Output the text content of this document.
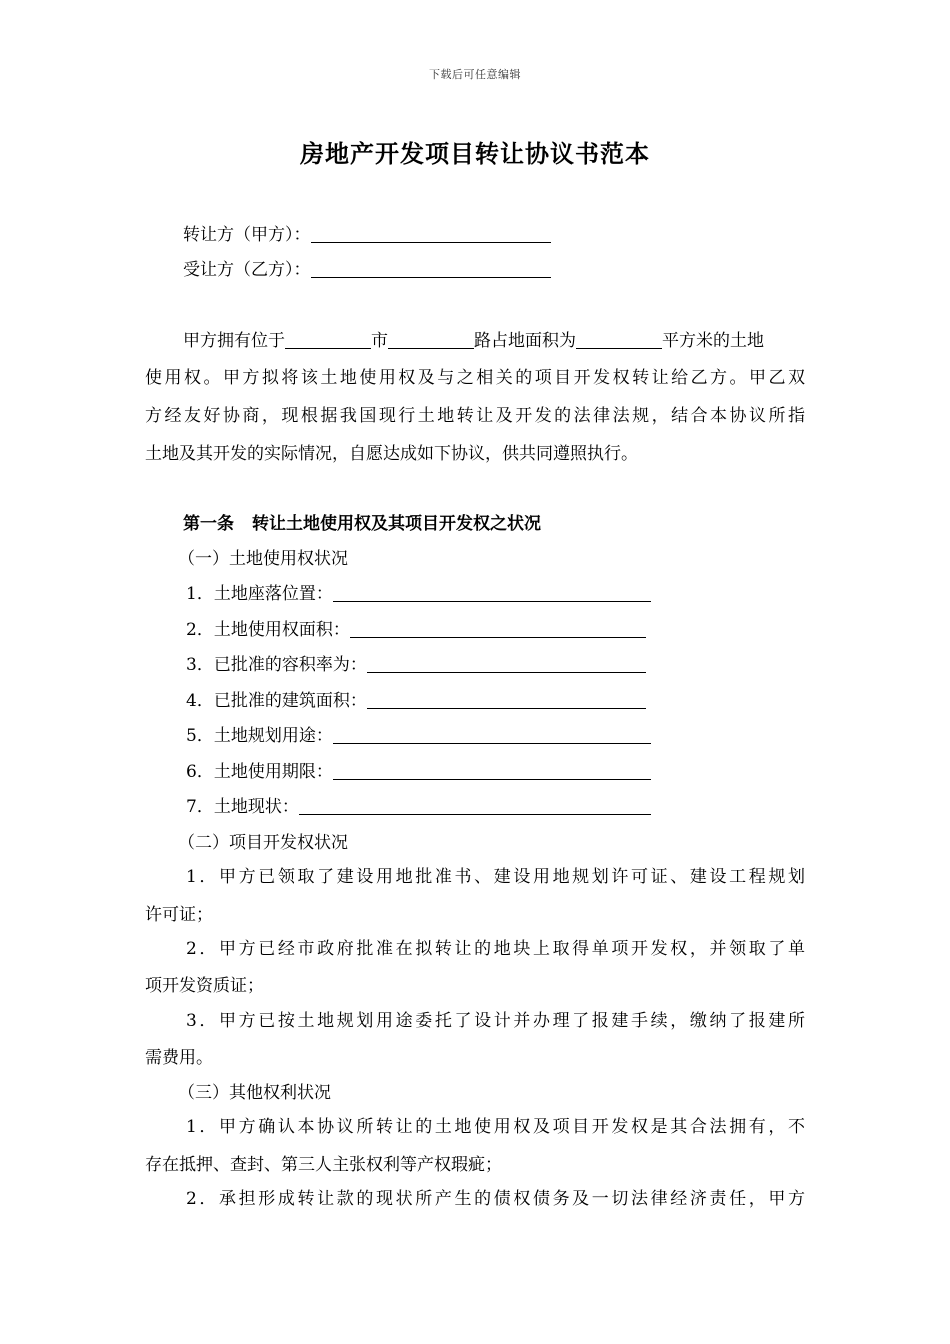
下载后可任意编辑
房地产开发项目转让协议书范本
转让方（甲方）：
受让方（乙方）：
甲方拥有位于	市	路占地面积为	平方米的土地
使用权。甲方拟将该土地使用权及与之相关的项目开发权转让给乙方。甲乙双
方经友好协商，现根据我国现行土地转让及开发的法律法规，结合本协议所指
土地及其开发的实际情况，自愿达成如下协议，供共同遵照执行。
第一条 转让土地使用权及其项目开发权之状况
（一）土地使用权状况
1．土地座落位置：
2．土地使用权面积：
3．已批准的容积率为：
4．已批准的建筑面积：
5．土地规划用途：
6．土地使用期限：
7．土地现状：
（二）项目开发权状况
1．甲方已领取了建设用地批准书、建设用地规划许可证、建设工程规划
许可证；
2．甲方已经市政府批准在拟转让的地块上取得单项开发权，并领取了单
项开发资质证；
3．甲方已按土地规划用途委托了设计并办理了报建手续，缴纳了报建所
需费用。
（三）其他权利状况
1．甲方确认本协议所转让的土地使用权及项目开发权是其合法拥有，不
存在抵押、查封、第三人主张权利等产权瑕疵；
2．承担形成转让款的现状所产生的债权债务及一切法律经济责任，甲方
